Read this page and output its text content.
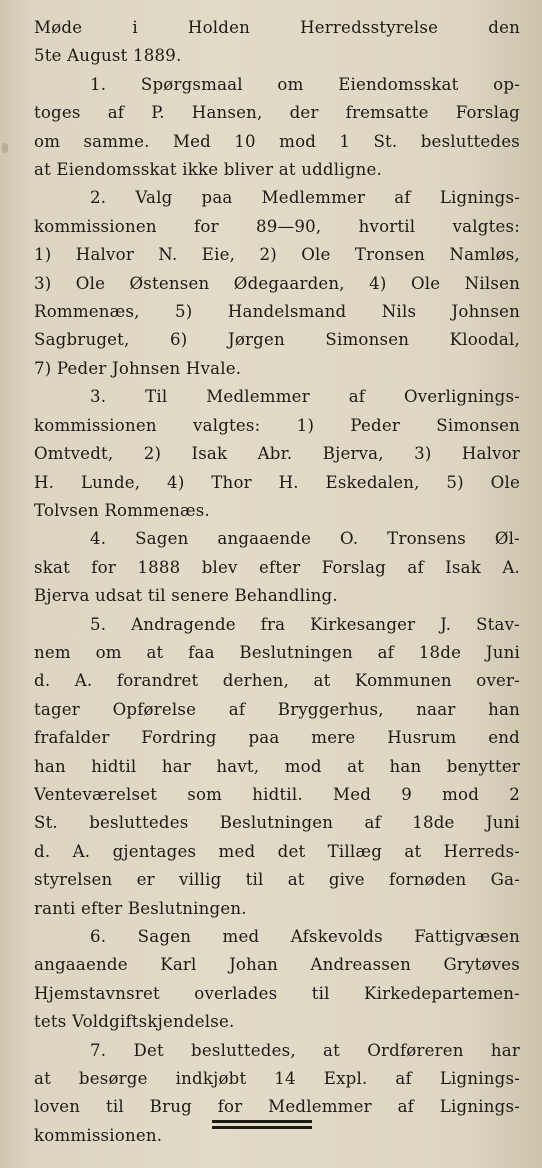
Møde i Holden Herredsstyrelse den
5te August 1889.
1. Spørgsmaal om Eiendomsskat op-
toges af P. Hansen, der fremsatte Forslag
om samme. Med 10 mod 1 St. besluttedes
at Eiendomsskat ikke bliver at uddligne.
2. Valg paa Medlemmer af Lignings-
kommissionen for 89—90, hvortil valgtes:
1) Halvor N. Eie, 2) Ole Tronsen Namløs,
3) Ole Østensen Ødegaarden, 4) Ole Nilsen
Rommenæs, 5) Handelsmand Nils Johnsen
Sagbruget, 6) Jørgen Simonsen Kloodal,
7) Peder Johnsen Hvale.
3. Til Medlemmer af Overlignings-
kommissionen valgtes: 1) Peder Simonsen
Omtvedt, 2) Isak Abr. Bjerva, 3) Halvor
H. Lunde, 4) Thor H. Eskedalen, 5) Ole
Tolvsen Rommenæs.
4. Sagen angaaende O. Tronsens Øl-
skat for 1888 blev efter Forslag af Isak A.
Bjerva udsat til senere Behandling.
5. Andragende fra Kirkesanger J. Stav-
nem om at faa Beslutningen af 18de Juni
d. A. forandret derhen, at Kommunen over-
tager Opførelse af Bryggerhus, naar han
frafalder Fordring paa mere Husrum end
han hidtil har havt, mod at han benytter
Venteværelset som hidtil. Med 9 mod 2
St. besluttedes Beslutningen af 18de Juni
d. A. gjentages med det Tillæg at Herreds-
styrelsen er villig til at give fornøden Ga-
ranti efter Beslutningen.
6. Sagen med Afskevolds Fattigvæsen
angaaende Karl Johan Andreassen Grytøves
Hjemstavnsret overlades til Kirkedepartemen-
tets Voldgiftskjendelse.
7. Det besluttedes, at Ordføreren har
at besørge indkjøbt 14 Expl. af Lignings-
loven til Brug for Medlemmer af Lignings-
kommissionen.
